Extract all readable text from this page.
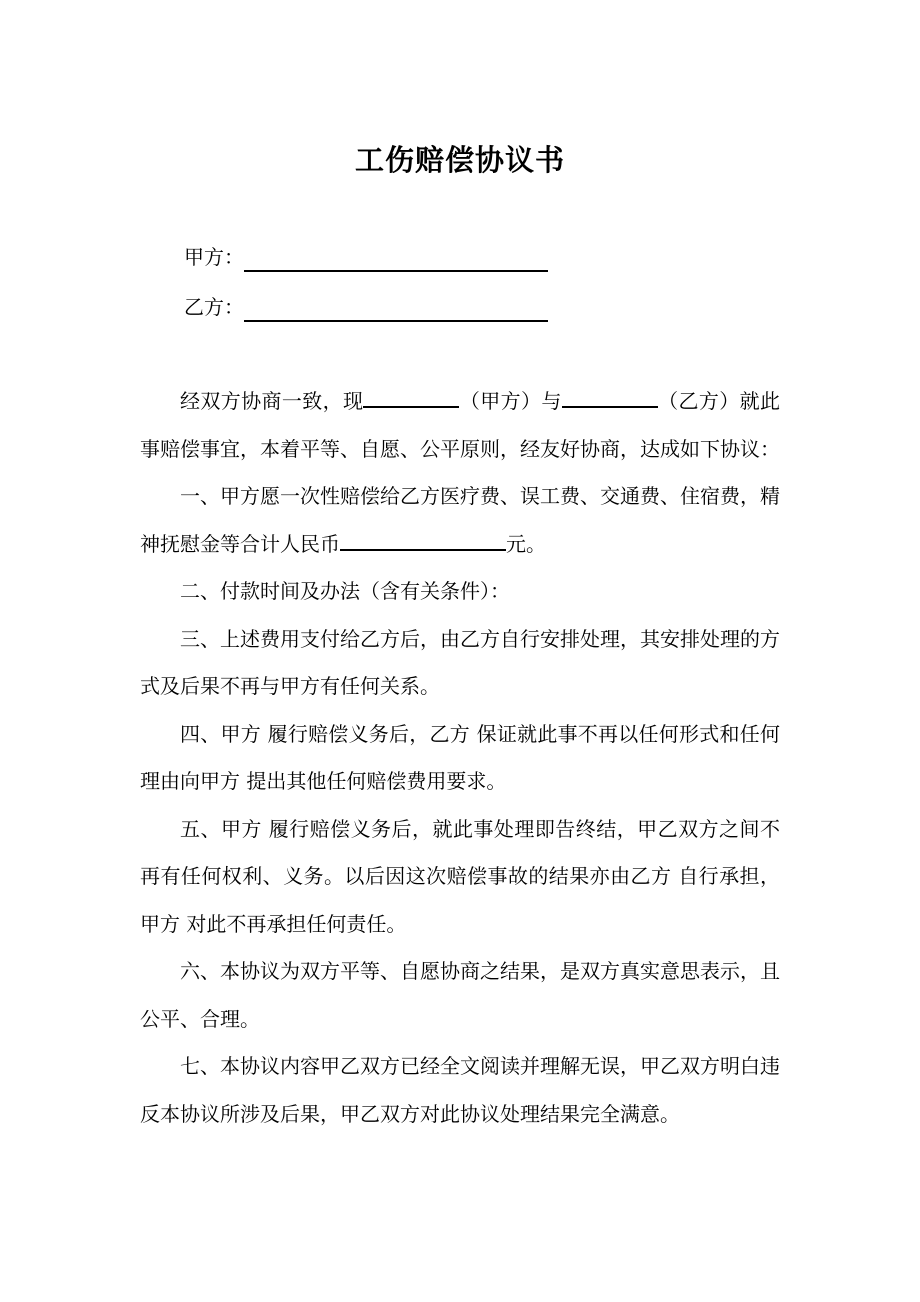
工伤赔偿协议书
甲方：
乙方：

经双方协商一致，现	（甲方）与	（乙方）就此事赔偿事宜，本着平等、自愿、公平原则，经友好协商，达成如下协议：

一、甲方愿一次性赔偿给乙方医疗费、误工费、交通费、住宿费，精神抚慰金等合计人民币	元。

二、付款时间及办法（含有关条件）：

三、上述费用支付给乙方后，由乙方自行安排处理，其安排处理的方式及后果不再与甲方有任何关系。

四、甲方 履行赔偿义务后，乙方 保证就此事不再以任何形式和任何理由向甲方 提出其他任何赔偿费用要求。

五、甲方 履行赔偿义务后，就此事处理即告终结，甲乙双方之间不再有任何权利、义务。以后因这次赔偿事故的结果亦由乙方 自行承担，甲方 对此不再承担任何责任。

六、本协议为双方平等、自愿协商之结果，是双方真实意思表示，且公平、合理。

七、本协议内容甲乙双方已经全文阅读并理解无误，甲乙双方明白违反本协议所涉及后果，甲乙双方对此协议处理结果完全满意。
